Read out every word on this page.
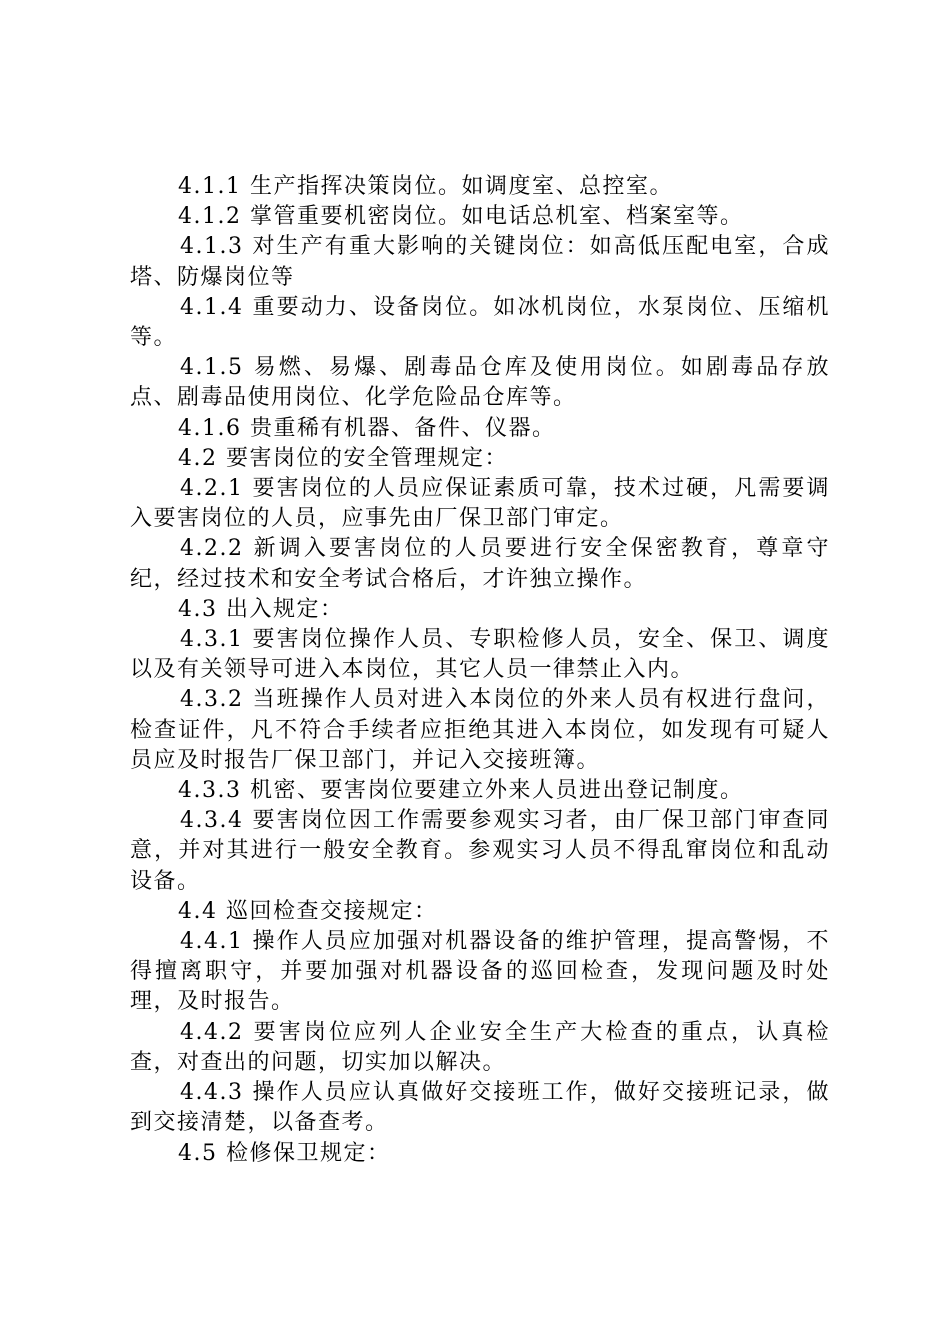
4.1.1 生产指挥决策岗位。如调度室、总控室。

4.1.2 掌管重要机密岗位。如电话总机室、档案室等。

4.1.3 对生产有重大影响的关键岗位：如高低压配电室，合成塔、防爆岗位等

4.1.4 重要动力、设备岗位。如冰机岗位，水泵岗位、压缩机等。

4.1.5 易燃、易爆、剧毒品仓库及使用岗位。如剧毒品存放点、剧毒品使用岗位、化学危险品仓库等。

4.1.6 贵重稀有机器、备件、仪器。

4.2 要害岗位的安全管理规定：

4.2.1 要害岗位的人员应保证素质可靠，技术过硬，凡需要调入要害岗位的人员，应事先由厂保卫部门审定。

4.2.2 新调入要害岗位的人员要进行安全保密教育，尊章守纪，经过技术和安全考试合格后，才许独立操作。

4.3 出入规定：

4.3.1 要害岗位操作人员、专职检修人员，安全、保卫、调度以及有关领导可进入本岗位，其它人员一律禁止入内。

4.3.2 当班操作人员对进入本岗位的外来人员有权进行盘问，检查证件，凡不符合手续者应拒绝其进入本岗位，如发现有可疑人员应及时报告厂保卫部门，并记入交接班簿。

4.3.3 机密、要害岗位要建立外来人员进出登记制度。

4.3.4 要害岗位因工作需要参观实习者，由厂保卫部门审查同意，并对其进行一般安全教育。参观实习人员不得乱窜岗位和乱动设备。

4.4 巡回检查交接规定：

4.4.1 操作人员应加强对机器设备的维护管理，提高警惕，不得擅离职守，并要加强对机器设备的巡回检查，发现问题及时处理，及时报告。

4.4.2 要害岗位应列人企业安全生产大检查的重点，认真检查，对查出的问题，切实加以解决。

4.4.3 操作人员应认真做好交接班工作，做好交接班记录，做到交接清楚，以备查考。

4.5 检修保卫规定：
